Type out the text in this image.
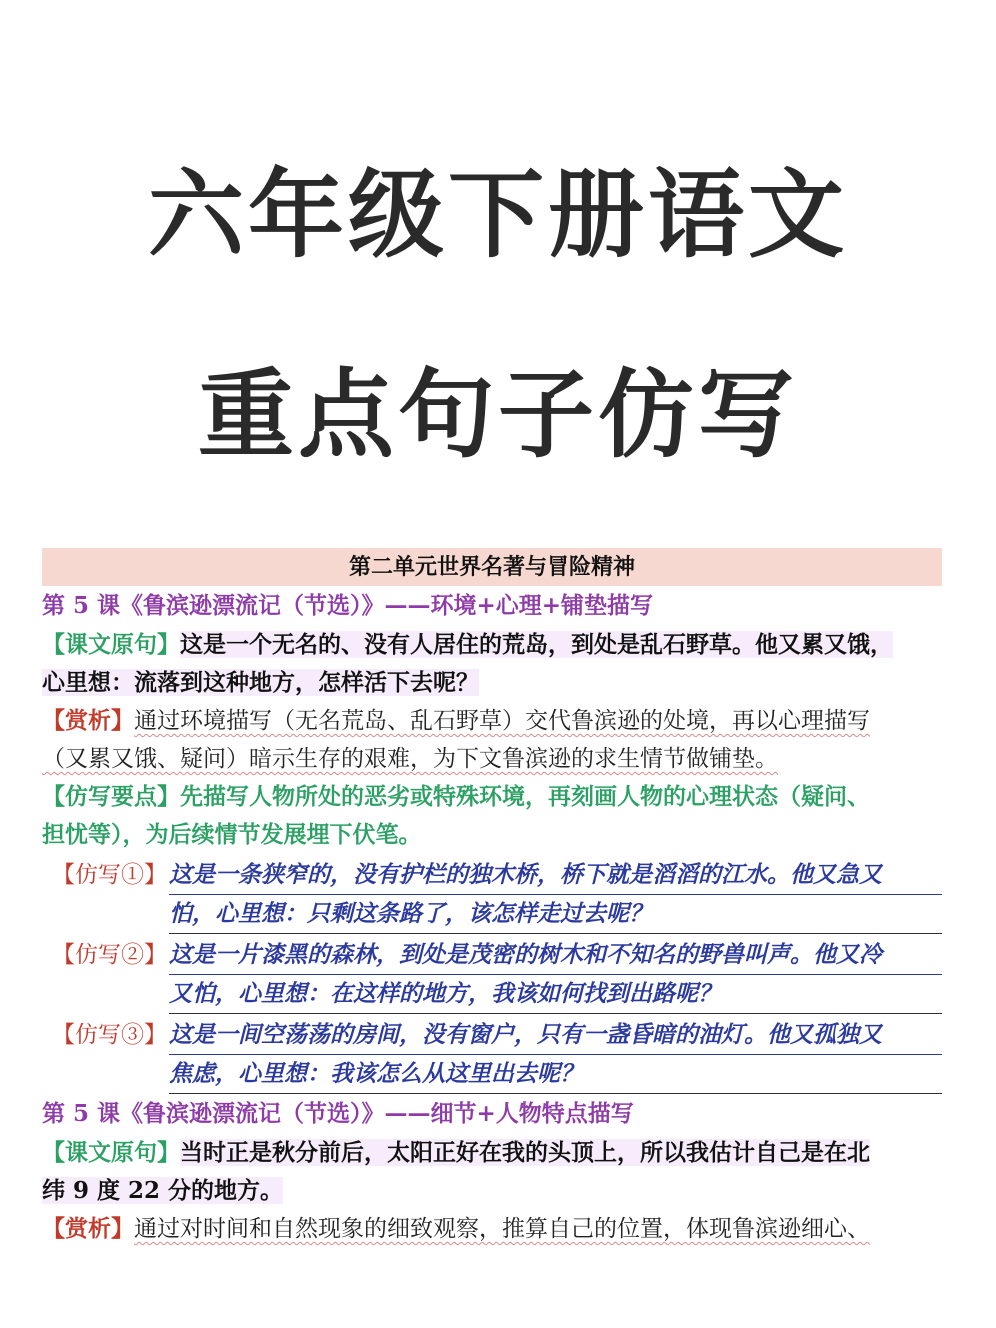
六年级下册语文
重点句子仿写
第二单元世界名著与冒险精神
第 5 课《鲁滨逊漂流记（节选）》——环境+心理+铺垫描写

【课文原句】这是一个无名的、没有人居住的荒岛，到处是乱石野草。他又累又饿，
心里想：流落到这种地方，怎样活下去呢？

【赏析】通过环境描写（无名荒岛、乱石野草）交代鲁滨逊的处境，再以心理描写
（又累又饿、疑问）暗示生存的艰难，为下文鲁滨逊的求生情节做铺垫。

【仿写要点】先描写人物所处的恶劣或特殊环境，再刻画人物的心理状态（疑问、
担忧等），为后续情节发展埋下伏笔。

【仿写①】 这是一条狭窄的，没有护栏的独木桥，桥下就是滔滔的江水。他又急又
怕，心里想：只剩这条路了，该怎样走过去呢？
【仿写②】 这是一片漆黑的森林，到处是茂密的树木和不知名的野兽叫声。他又冷
又怕，心里想：在这样的地方，我该如何找到出路呢？
【仿写③】 这是一间空荡荡的房间，没有窗户，只有一盏昏暗的油灯。他又孤独又
焦虑，心里想：我该怎么从这里出去呢？
第 5 课《鲁滨逊漂流记（节选）》——细节+人物特点描写

【课文原句】当时正是秋分前后，太阳正好在我的头顶上，所以我估计自己是在北
纬 9 度 22 分的地方。

【赏析】通过对时间和自然现象的细致观察，推算自己的位置，体现鲁滨逊细心、
